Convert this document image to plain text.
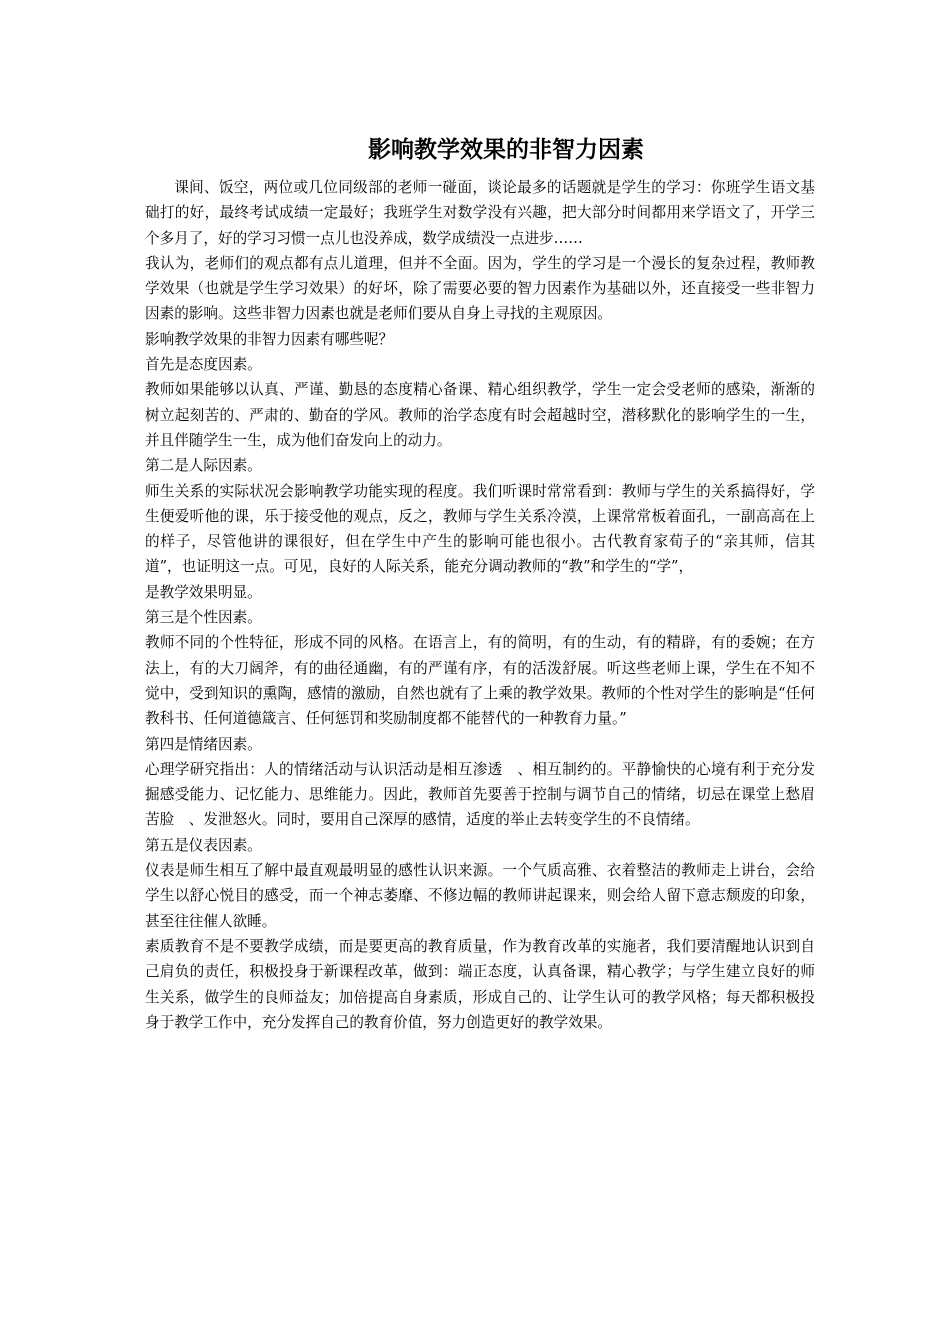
影响教学效果的非智力因素

课间、饭空，两位或几位同级部的老师一碰面，谈论最多的话题就是学生的学习：你班学生语文基础打的好，最终考试成绩一定最好；我班学生对数学没有兴趣，把大部分时间都用来学语文了，开学三个多月了，好的学习习惯一点儿也没养成，数学成绩没一点进步……

我认为，老师们的观点都有点儿道理，但并不全面。因为，学生的学习是一个漫长的复杂过程，教师教学效果（也就是学生学习效果）的好坏，除了需要必要的智力因素作为基础以外，还直接受一些非智力因素的影响。这些非智力因素也就是老师们要从自身上寻找的主观原因。

影响教学效果的非智力因素有哪些呢？

首先是态度因素。

教师如果能够以认真、严谨、勤恳的态度精心备课、精心组织教学，学生一定会受老师的感染，渐渐的树立起刻苦的、严肃的、勤奋的学风。教师的治学态度有时会超越时空，潜移默化的影响学生的一生，并且伴随学生一生，成为他们奋发向上的动力。

第二是人际因素。

师生关系的实际状况会影响教学功能实现的程度。我们听课时常常看到：教师与学生的关系搞得好，学生便爱听他的课，乐于接受他的观点，反之，教师与学生关系冷漠，上课常常板着面孔，一副高高在上的样子，尽管他讲的课很好，但在学生中产生的影响可能也很小。古代教育家荀子的“亲其师，信其道”，也证明这一点。可见，良好的人际关系，能充分调动教师的“教”和学生的“学”，

是教学效果明显。

第三是个性因素。

教师不同的个性特征，形成不同的风格。在语言上，有的简明，有的生动，有的精辟，有的委婉；在方法上，有的大刀阔斧，有的曲径通幽，有的严谨有序，有的活泼舒展。听这些老师上课，学生在不知不觉中，受到知识的熏陶，感情的激励，自然也就有了上乘的教学效果。教师的个性对学生的影响是“任何教科书、任何道德箴言、任何惩罚和奖励制度都不能替代的一种教育力量。”

第四是情绪因素。

心理学研究指出：人的情绪活动与认识活动是相互渗透　、相互制约的。平静愉快的心境有利于充分发掘感受能力、记忆能力、思维能力。因此，教师首先要善于控制与调节自己的情绪，切忌在课堂上愁眉苦脸　、发泄怒火。同时，要用自己深厚的感情，适度的举止去转变学生的不良情绪。

第五是仪表因素。

仪表是师生相互了解中最直观最明显的感性认识来源。一个气质高雅、衣着整洁的教师走上讲台，会给学生以舒心悦目的感受，而一个神志萎靡、不修边幅的教师讲起课来，则会给人留下意志颓废的印象，甚至往往催人欲睡。

素质教育不是不要教学成绩，而是要更高的教育质量，作为教育改革的实施者，我们要清醒地认识到自己肩负的责任，积极投身于新课程改革，做到：端正态度，认真备课，精心教学；与学生建立良好的师生关系，做学生的良师益友；加倍提高自身素质，形成自己的、让学生认可的教学风格；每天都积极投身于教学工作中，充分发挥自己的教育价值，努力创造更好的教学效果。
